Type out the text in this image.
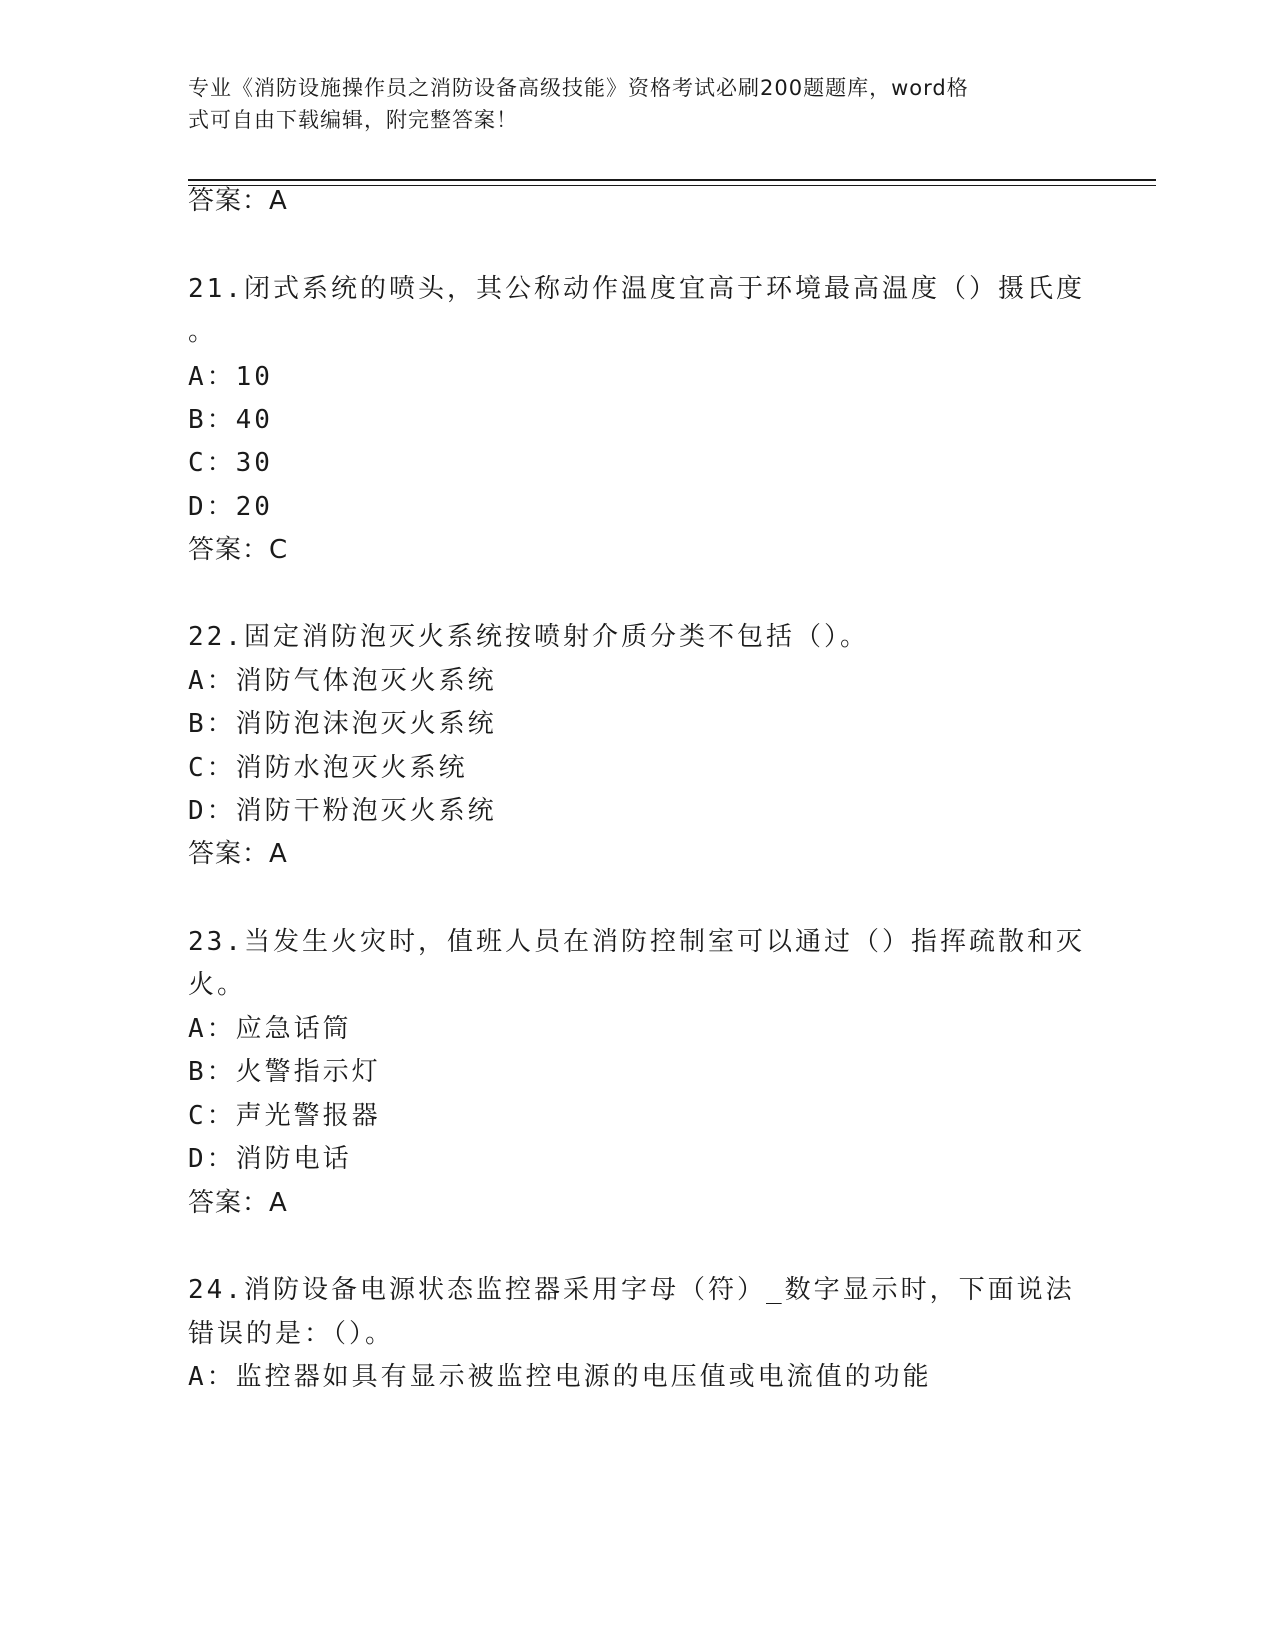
专业《消防设施操作员之消防设备高级技能》资格考试必刷200题题库，word格
式可自由下载编辑，附完整答案！
答案：A
21.闭式系统的喷头，其公称动作温度宜高于环境最高温度（）摄氏度
。
A：10
B：40
C：30
D：20
答案：C
22.固定消防泡灭火系统按喷射介质分类不包括（）。
A：消防气体泡灭火系统
B：消防泡沫泡灭火系统
C：消防水泡灭火系统
D：消防干粉泡灭火系统
答案：A
23.当发生火灾时，值班人员在消防控制室可以通过（）指挥疏散和灭
火。
A：应急话筒
B：火警指示灯
C：声光警报器
D：消防电话
答案：A
24.消防设备电源状态监控器采用字母（符）_数字显示时，下面说法
错误的是：（）。
A：监控器如具有显示被监控电源的电压值或电流值的功能
